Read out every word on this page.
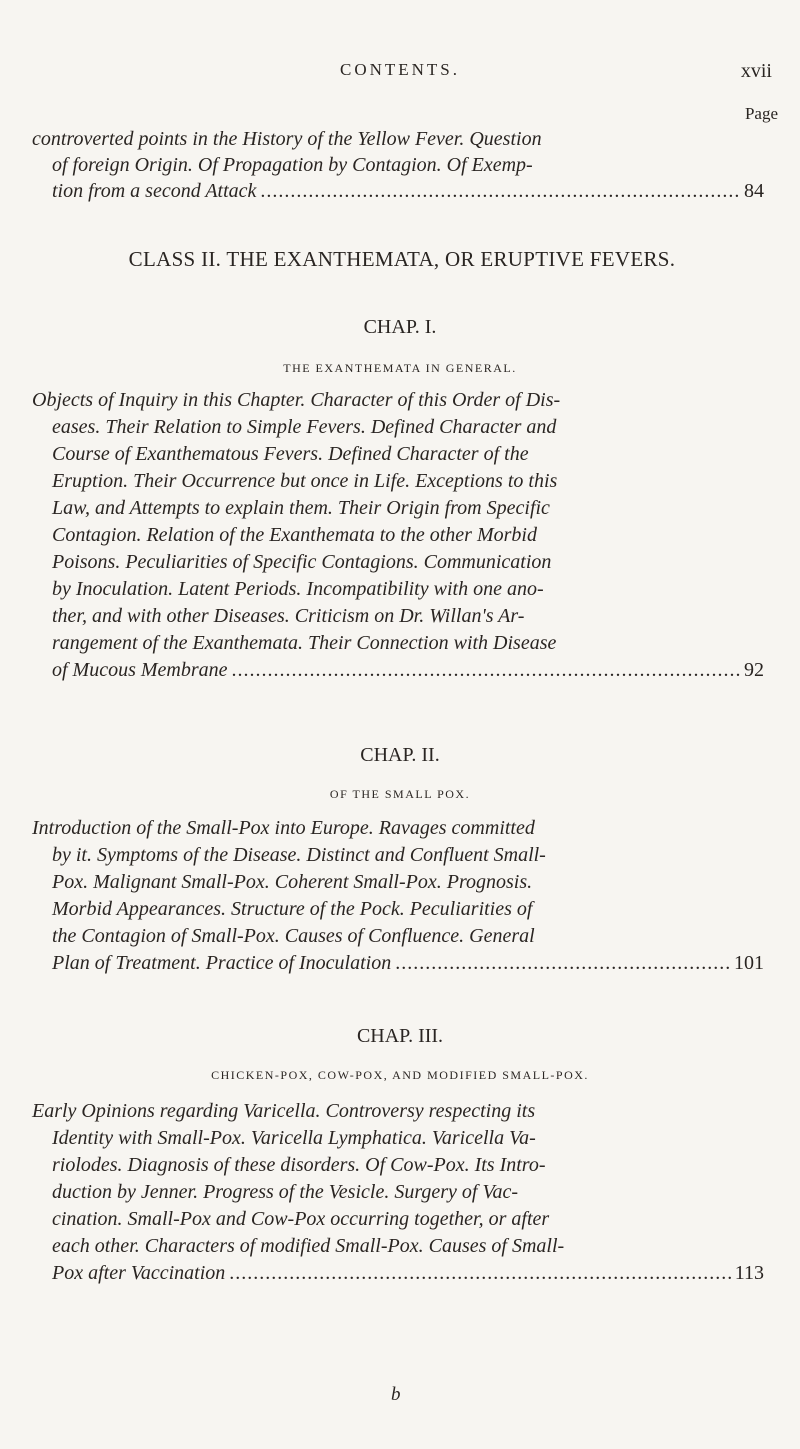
CONTENTS.	xvii
Page
controverted points in the History of the Yellow Fever. Question
of foreign Origin. Of Propagation by Contagion. Of Exemp-
tion from a second Attack .....	84
CLASS II. THE EXANTHEMATA, OR ERUPTIVE FEVERS.
CHAP. I.
THE EXANTHEMATA IN GENERAL.
Objects of Inquiry in this Chapter. Character of this Order of Dis-
eases. Their Relation to Simple Fevers. Defined Character and
Course of Exanthematous Fevers. Defined Character of the
Eruption. Their Occurrence but once in Life. Exceptions to this
Law, and Attempts to explain them. Their Origin from Specific
Contagion. Relation of the Exanthemata to the other Morbid
Poisons. Peculiarities of Specific Contagions. Communication
by Inoculation. Latent Periods. Incompatibility with one ano-
ther, and with other Diseases. Criticism on Dr. Willan's Ar-
rangement of the Exanthemata. Their Connection with Disease
of Mucous Membrane .....	92
CHAP. II.
OF THE SMALL POX.
Introduction of the Small-Pox into Europe. Ravages committed
by it. Symptoms of the Disease. Distinct and Confluent Small-
Pox. Malignant Small-Pox. Coherent Small-Pox. Prognosis.
Morbid Appearances. Structure of the Pock. Peculiarities of
the Contagion of Small-Pox. Causes of Confluence. General
Plan of Treatment. Practice of Inoculation .....	101
CHAP. III.
CHICKEN-POX, COW-POX, AND MODIFIED SMALL-POX.
Early Opinions regarding Varicella. Controversy respecting its
Identity with Small-Pox. Varicella Lymphatica. Varicella Va-
riolodes. Diagnosis of these disorders. Of Cow-Pox. Its Intro-
duction by Jenner. Progress of the Vesicle. Surgery of Vac-
cination. Small-Pox and Cow-Pox occurring together, or after
each other. Characters of modified Small-Pox. Causes of Small-
Pox after Vaccination .....	113
b
